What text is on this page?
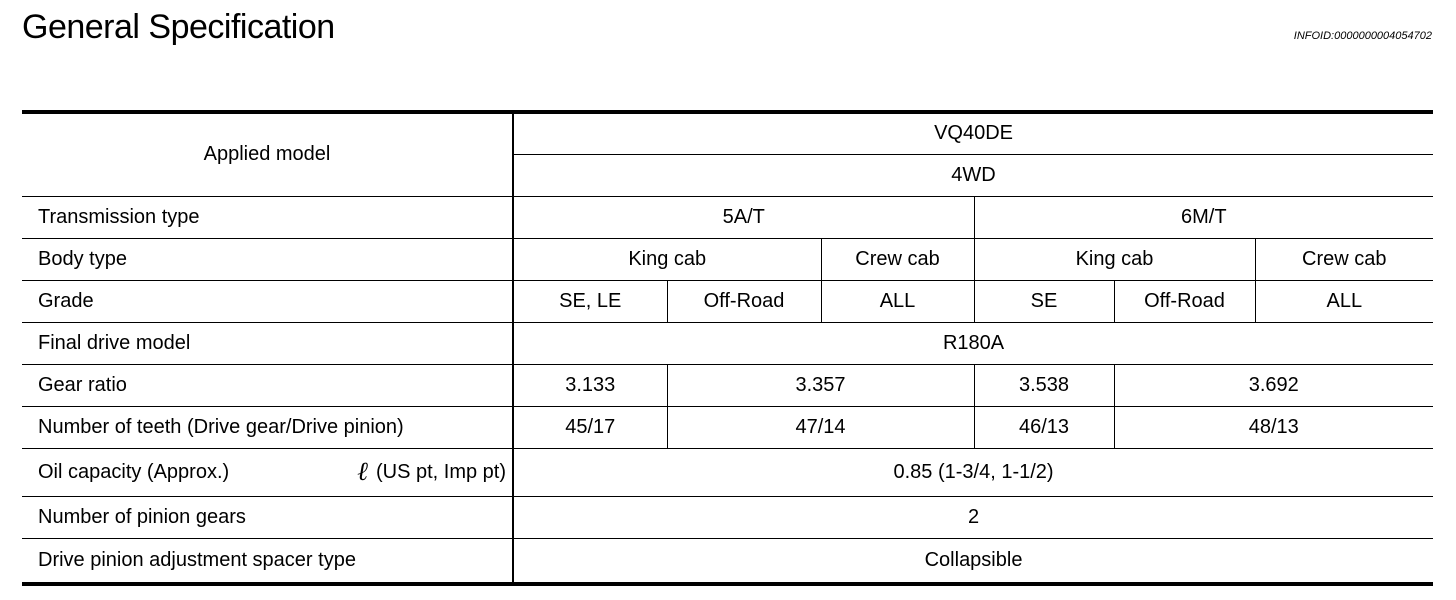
General Specification	INFOID:0000000004054702
Applied model	VQ40DE					
	4WD					
Transmission type	5A/T			6M/T		
Body type	King cab		Crew cab	King cab		Crew cab
Grade	SE, LE	Off-Road	ALL	SE	Off-Road	ALL
Final drive model	R180A					
Gear ratio	3.133	3.357		3.538	3.692	
Number of teeth (Drive gear/Drive pinion)	45/17	47/14		46/13	48/13	

Oil capacity (Approx.) ℓ (US pt, Imp pt)	0.85 (1-3/4, 1-1/2)					
Number of pinion gears	2					
Drive pinion adjustment spacer type	Collapsible					
